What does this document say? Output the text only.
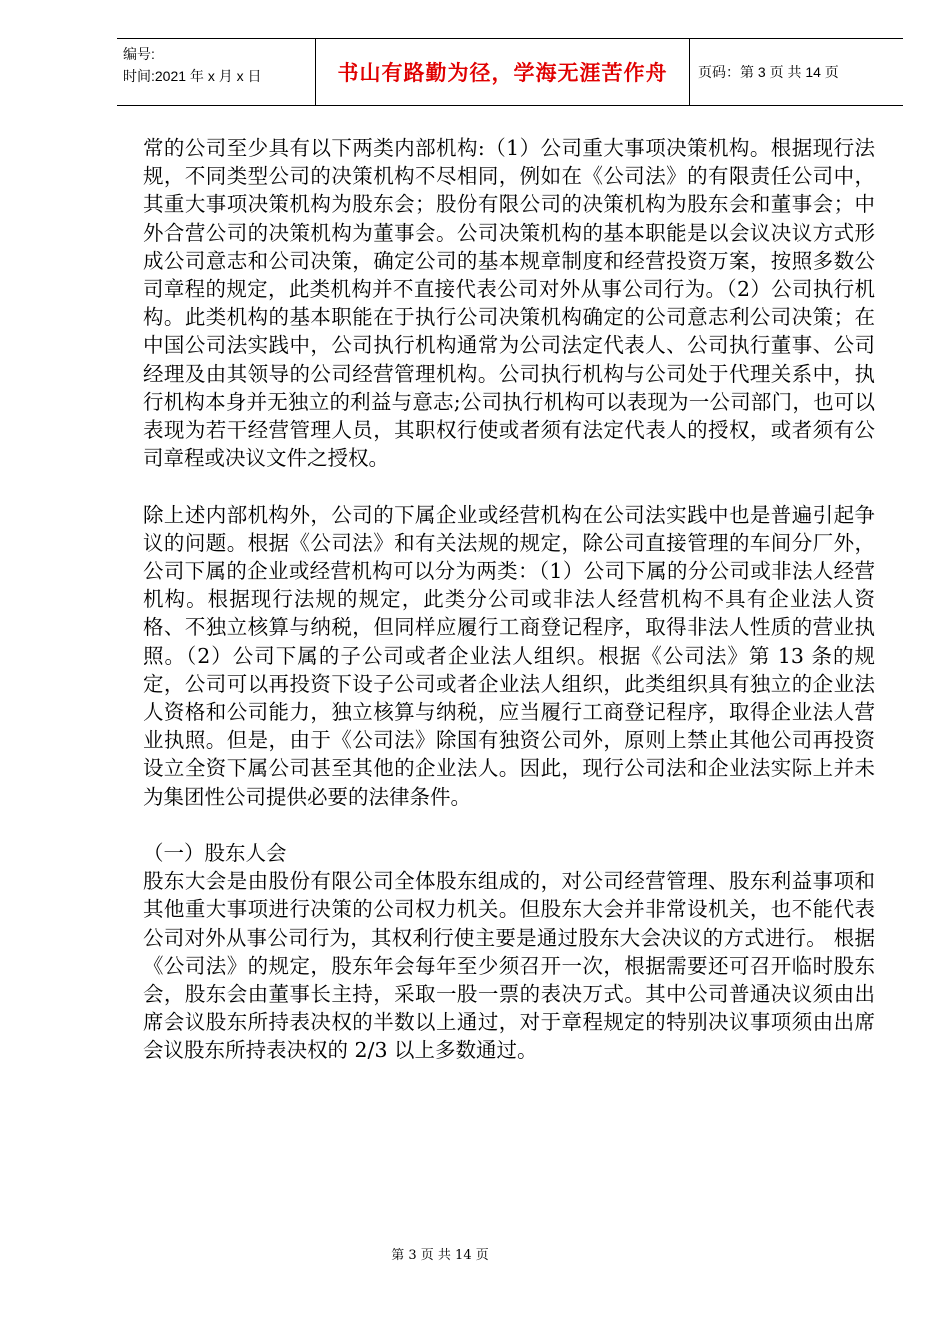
编号:
时间:2021 年 x 月 x 日	书山有路勤为径，学海无涯苦作舟 页码：第 3 页 共 14 页

常的公司至少具有以下两类内部机构:（1）公司重大事项决策机构。根据现行法规，不同类型公司的决策机构不尽相同，例如在《公司法》的有限责任公司中，其重大事项决策机构为股东会；股份有限公司的决策机构为股东会和董事会；中外合营公司的决策机构为董事会。公司决策机构的基本职能是以会议决议方式形成公司意志和公司决策，确定公司的基本规章制度和经营投资万案，按照多数公司章程的规定，此类机构并不直接代表公司对外从事公司行为。（2）公司执行机构。此类机构的基本职能在于执行公司决策机构确定的公司意志利公司决策；在中国公司法实践中，公司执行机构通常为公司法定代表人、公司执行董事、公司经理及由其领导的公司经营管理机构。公司执行机构与公司处于代理关系中，执行机构本身并无独立的利益与意志;公司执行机构可以表现为一公司部门，也可以表现为若干经营管理人员，其职权行使或者须有法定代表人的授权，或者须有公司章程或决议文件之授权。

除上述内部机构外，公司的下属企业或经营机构在公司法实践中也是普遍引起争议的问题。根据《公司法》和有关法规的规定，除公司直接管理的车间分厂外，公司下属的企业或经营机构可以分为两类：（1）公司下属的分公司或非法人经营机构。根据现行法规的规定，此类分公司或非法人经营机构不具有企业法人资格、不独立核算与纳税，但同样应履行工商登记程序，取得非法人性质的营业执照。（2）公司下属的子公司或者企业法人组织。根据《公司法》第 13 条的规定，公司可以再投资下设子公司或者企业法人组织，此类组织具有独立的企业法人资格和公司能力，独立核算与纳税，应当履行工商登记程序，取得企业法人营业执照。但是，由于《公司法》除国有独资公司外，原则上禁止其他公司再投资设立全资下属公司甚至其他的企业法人。因此，现行公司法和企业法实际上并未为集团性公司提供必要的法律条件。

（一）股东人会

股东大会是由股份有限公司全体股东组成的，对公司经营管理、股东利益事项和其他重大事项进行决策的公司权力机关。但股东大会并非常设机关，也不能代表公司对外从事公司行为，其权利行使主要是通过股东大会决议的方式进行。 根据《公司法》的规定，股东年会每年至少须召开一次，根据需要还可召开临时股东会，股东会由董事长主持，采取一股一票的表决万式。其中公司普通决议须由出席会议股东所持表决权的半数以上通过，对于章程规定的特别决议事项须由出席会议股东所持表决权的 2/3 以上多数通过。

第 3 页 共 14 页
